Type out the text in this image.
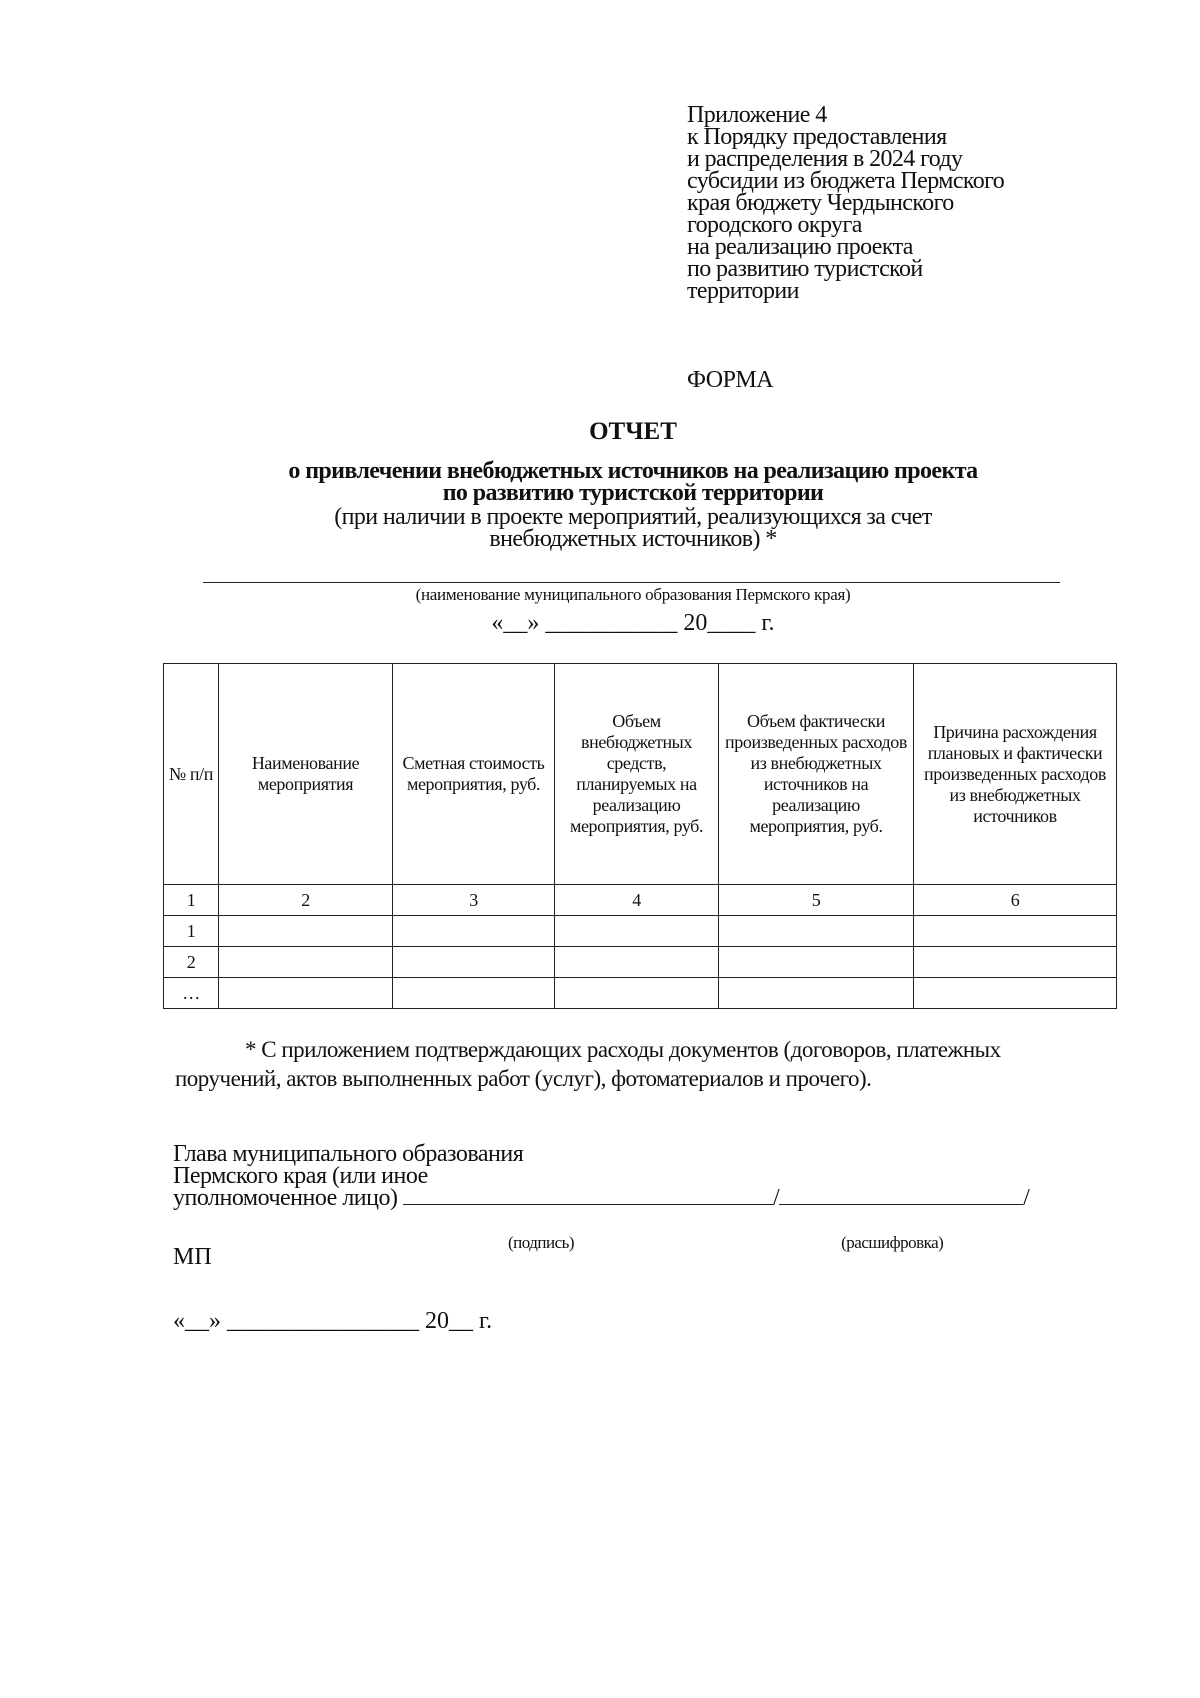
Приложение 4
к Порядку предоставления
и распределения в 2024 году
субсидии из бюджета Пермского
края бюджету Чердынского
городского округа
на реализацию проекта
по развитию туристской
территории
ФОРМА
ОТЧЕТ
о привлечении внебюджетных источников на реализацию проекта
по развитию туристской территории
(при наличии в проекте мероприятий, реализующихся за счет
внебюджетных источников) *
(наименование муниципального образования Пермского края)
«__» ___________ 20____ г.
№ п/п	Наименование мероприятия	Сметная стоимость мероприятия, руб.	Объем внебюджетных средств, планируемых на реализацию мероприятия, руб.	Объем фактически произведенных расходов из внебюджетных источников на реализацию мероприятия, руб.	Причина расхождения плановых и фактически произведенных расходов из внебюджетных источников
1	2	3	4	5	6
1					
2					
…					
* С приложением подтверждающих расходы документов (договоров, платежных поручений, актов выполненных работ (услуг), фотоматериалов и прочего).
Глава муниципального образования
Пермского края (или иное
уполномоченное лицо)
(подпись)
/
(расшифровка)
/
МП
«__» ________________ 20__ г.
